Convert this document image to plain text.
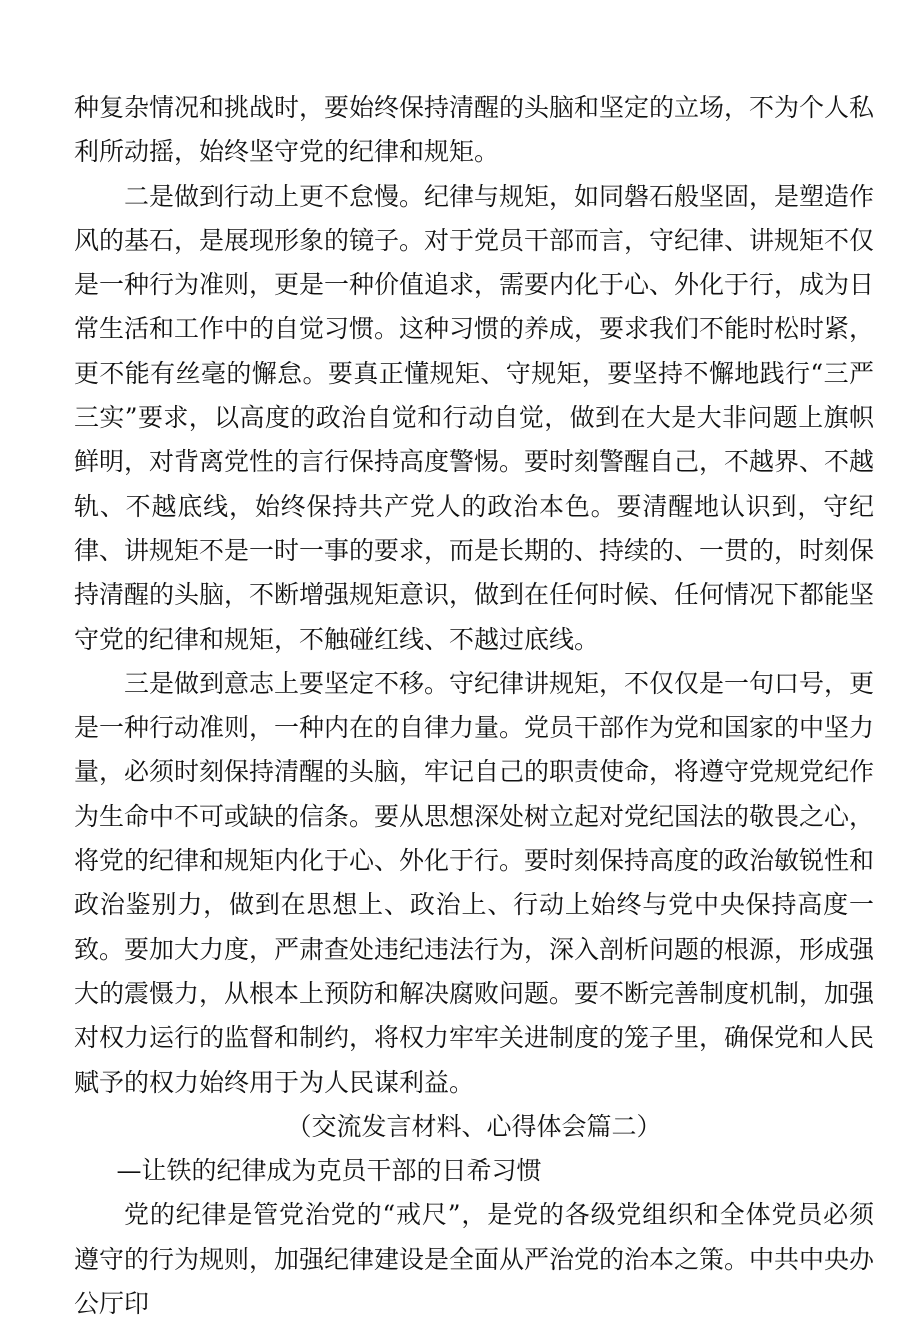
种复杂情况和挑战时，要始终保持清醒的头脑和坚定的立场，不为个人私利所动摇，始终坚守党的纪律和规矩。

二是做到行动上更不怠慢。纪律与规矩，如同磐石般坚固，是塑造作风的基石，是展现形象的镜子。对于党员干部而言，守纪律、讲规矩不仅是一种行为准则，更是一种价值追求，需要内化于心、外化于行，成为日常生活和工作中的自觉习惯。这种习惯的养成，要求我们不能时松时紧，更不能有丝毫的懈怠。要真正懂规矩、守规矩，要坚持不懈地践行“三严三实”要求，以高度的政治自觉和行动自觉，做到在大是大非问题上旗帜鲜明，对背离党性的言行保持高度警惕。要时刻警醒自己，不越界、不越轨、不越底线，始终保持共产党人的政治本色。要清醒地认识到，守纪律、讲规矩不是一时一事的要求，而是长期的、持续的、一贯的，时刻保持清醒的头脑，不断增强规矩意识，做到在任何时候、任何情况下都能坚守党的纪律和规矩，不触碰红线、不越过底线。

三是做到意志上要坚定不移。守纪律讲规矩，不仅仅是一句口号，更是一种行动准则，一种内在的自律力量。党员干部作为党和国家的中坚力量，必须时刻保持清醒的头脑，牢记自己的职责使命，将遵守党规党纪作为生命中不可或缺的信条。要从思想深处树立起对党纪国法的敬畏之心，将党的纪律和规矩内化于心、外化于行。要时刻保持高度的政治敏锐性和政治鉴别力，做到在思想上、政治上、行动上始终与党中央保持高度一致。要加大力度，严肃查处违纪违法行为，深入剖析问题的根源，形成强大的震慑力，从根本上预防和解决腐败问题。要不断完善制度机制，加强对权力运行的监督和制约，将权力牢牢关进制度的笼子里，确保党和人民赋予的权力始终用于为人民谋利益。

（交流发言材料、心得体会篇二）

—让铁的纪律成为克员干部的日希习惯

党的纪律是管党治党的“戒尺”，是党的各级党组织和全体党员必须遵守的行为规则，加强纪律建设是全面从严治党的治本之策。中共中央办公厅印
